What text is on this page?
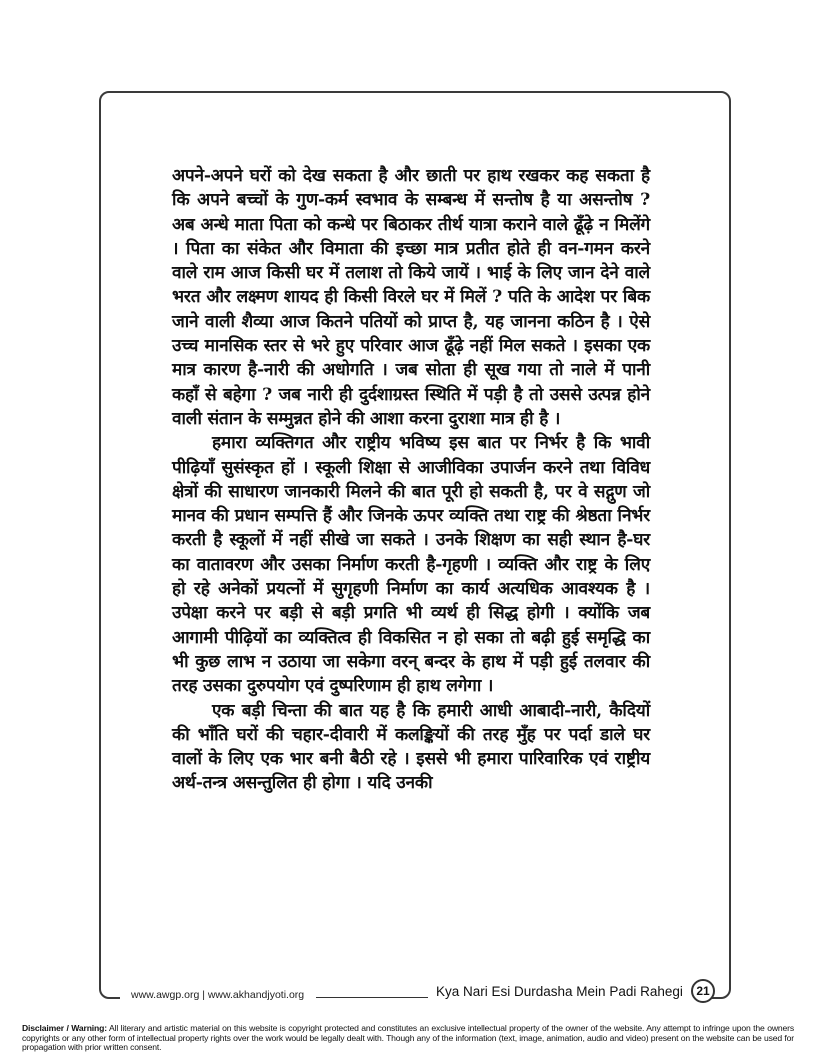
अपने-अपने घरों को देख सकता है और छाती पर हाथ रखकर कह सकता है कि अपने बच्चों के गुण-कर्म स्वभाव के सम्बन्ध में सन्तोष है या असन्तोष ? अब अन्धे माता पिता को कन्धे पर बिठाकर तीर्थ यात्रा कराने वाले ढूँढ़े न मिलेंगे । पिता का संकेत और विमाता की इच्छा मात्र प्रतीत होते ही वन-गमन करने वाले राम आज किसी घर में तलाश तो किये जायें । भाई के लिए जान देने वाले भरत और लक्ष्मण शायद ही किसी विरले घर में मिलें ? पति के आदेश पर बिक जाने वाली शैव्या आज कितने पतियों को प्राप्त है, यह जानना कठिन है । ऐसे उच्च मानसिक स्तर से भरे हुए परिवार आज ढूँढ़े नहीं मिल सकते । इसका एक मात्र कारण है-नारी की अधोगति । जब सोता ही सूख गया तो नाले में पानी कहाँ से बहेगा ? जब नारी ही दुर्दशाग्रस्त स्थिति में पड़ी है तो उससे उत्पन्न होने वाली संतान के सम्मुन्नत होने की आशा करना दुराशा मात्र ही है ।

हमारा व्यक्तिगत और राष्ट्रीय भविष्य इस बात पर निर्भर है कि भावी पीढ़ियाँ सुसंस्कृत हों । स्कूली शिक्षा से आजीविका उपार्जन करने तथा विविध क्षेत्रों की साधारण जानकारी मिलने की बात पूरी हो सकती है, पर वे सद्गुण जो मानव की प्रधान सम्पत्ति हैं और जिनके ऊपर व्यक्ति तथा राष्ट्र की श्रेष्ठता निर्भर करती है स्कूलों में नहीं सीखे जा सकते । उनके शिक्षण का सही स्थान है-घर का वातावरण और उसका निर्माण करती है-गृहणी । व्यक्ति और राष्ट्र के लिए हो रहे अनेकों प्रयत्नों में सुगृहणी निर्माण का कार्य अत्यधिक आवश्यक है । उपेक्षा करने पर बड़ी से बड़ी प्रगति भी व्यर्थ ही सिद्ध होगी । क्योंकि जब आगामी पीढ़ियों का व्यक्तित्व ही विकसित न हो सका तो बढ़ी हुई समृद्धि का भी कुछ लाभ न उठाया जा सकेगा वरन् बन्दर के हाथ में पड़ी हुई तलवार की तरह उसका दुरुपयोग एवं दुष्परिणाम ही हाथ लगेगा ।

एक बड़ी चिन्ता की बात यह है कि हमारी आधी आबादी-नारी, कैदियों की भाँति घरों की चहार-दीवारी में कलङ्कियों की तरह मुँह पर पर्दा डाले घर वालों के लिए एक भार बनी बैठी रहे । इससे भी हमारा पारिवारिक एवं राष्ट्रीय अर्थ-तन्त्र असन्तुलित ही होगा । यदि उनकी

www.awgp.org | www.akhandjyoti.org	Kya Nari Esi Durdasha Mein Padi Rahegi	21
Disclaimer / Warning: All literary and artistic material on this website is copyright protected and constitutes an exclusive intellectual property of the owner of the website. Any attempt to infringe upon the owners copyrights or any other form of intellectual property rights over the work would be legally dealt with. Though any of the information (text, image, animation, audio and video) present on the website can be used for propagation with prior written consent.
